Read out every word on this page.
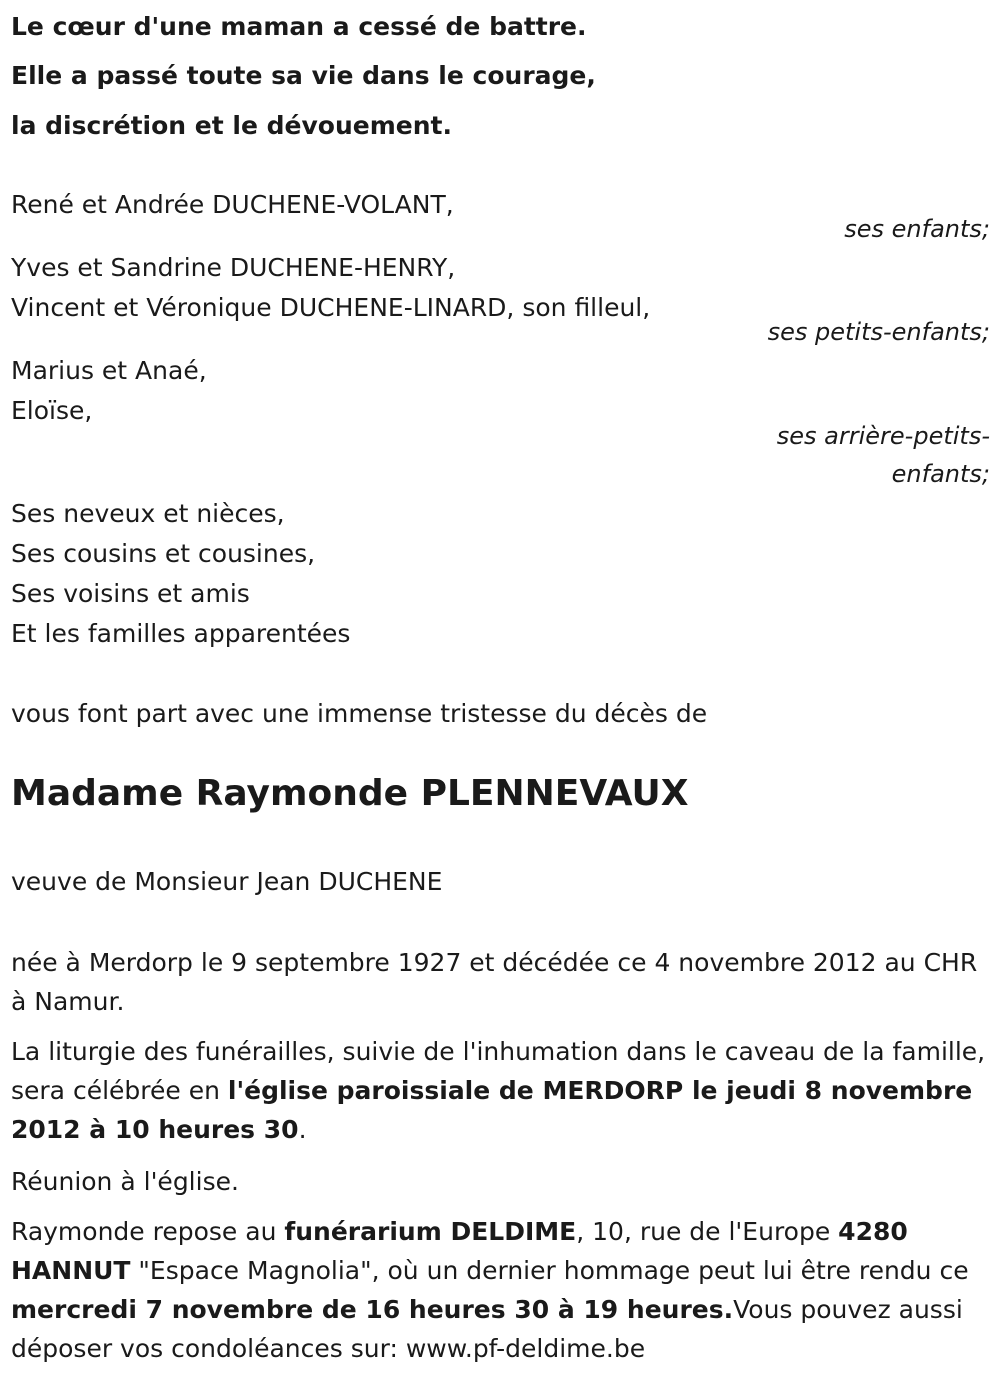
Le cœur d'une maman a cessé de battre.
Elle a passé toute sa vie dans le courage,
la discrétion et le dévouement.
René et Andrée DUCHENE-VOLANT,
ses enfants;
Yves et Sandrine DUCHENE-HENRY,
Vincent et Véronique DUCHENE-LINARD, son filleul,
ses petits-enfants;
Marius et Anaé,
Eloïse,
ses arrière-petits-
enfants;
Ses neveux et nièces,
Ses cousins et cousines,
Ses voisins et amis
Et les familles apparentées
vous font part avec une immense tristesse du décès de
Madame Raymonde PLENNEVAUX
veuve de Monsieur Jean DUCHENE
née à Merdorp le 9 septembre 1927 et décédée ce 4 novembre 2012 au CHR à Namur.
La liturgie des funérailles, suivie de l'inhumation dans le caveau de la famille, sera célébrée en l'église paroissiale de MERDORP le jeudi 8 novembre 2012 à 10 heures 30.
Réunion à l'église.
Raymonde repose au funérarium DELDIME, 10, rue de l'Europe 4280 HANNUT "Espace Magnolia", où un dernier hommage peut lui être rendu ce mercredi 7 novembre de 16 heures 30 à 19 heures.Vous pouvez aussi déposer vos condoléances sur: www.pf-deldime.be
